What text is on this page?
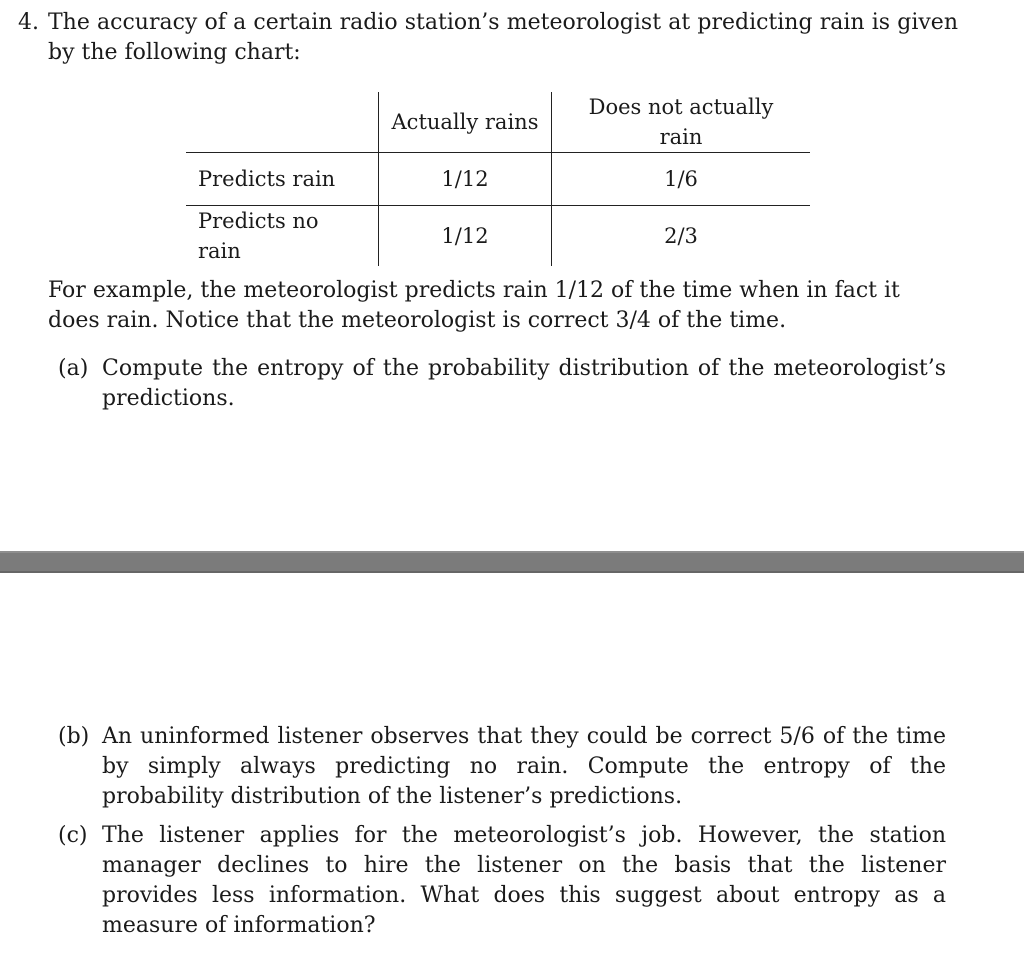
4. The accuracy of a certain radio station’s meteorologist at predicting rain is given by the following chart:
	Actually rains	Does not actually rain
Predicts rain	1/12	1/6
Predicts no rain	1/12	2/3
For example, the meteorologist predicts rain 1/12 of the time when in fact it does rain. Notice that the meteorologist is correct 3/4 of the time.
(a) Compute the entropy of the probability distribution of the meteorologist’s predictions.
(b) An uninformed listener observes that they could be correct 5/6 of the time by simply always predicting no rain. Compute the entropy of the probability distribution of the listener’s predictions.
(c) The listener applies for the meteorologist’s job. However, the station manager declines to hire the listener on the basis that the listener provides less information. What does this suggest about entropy as a measure of information?
